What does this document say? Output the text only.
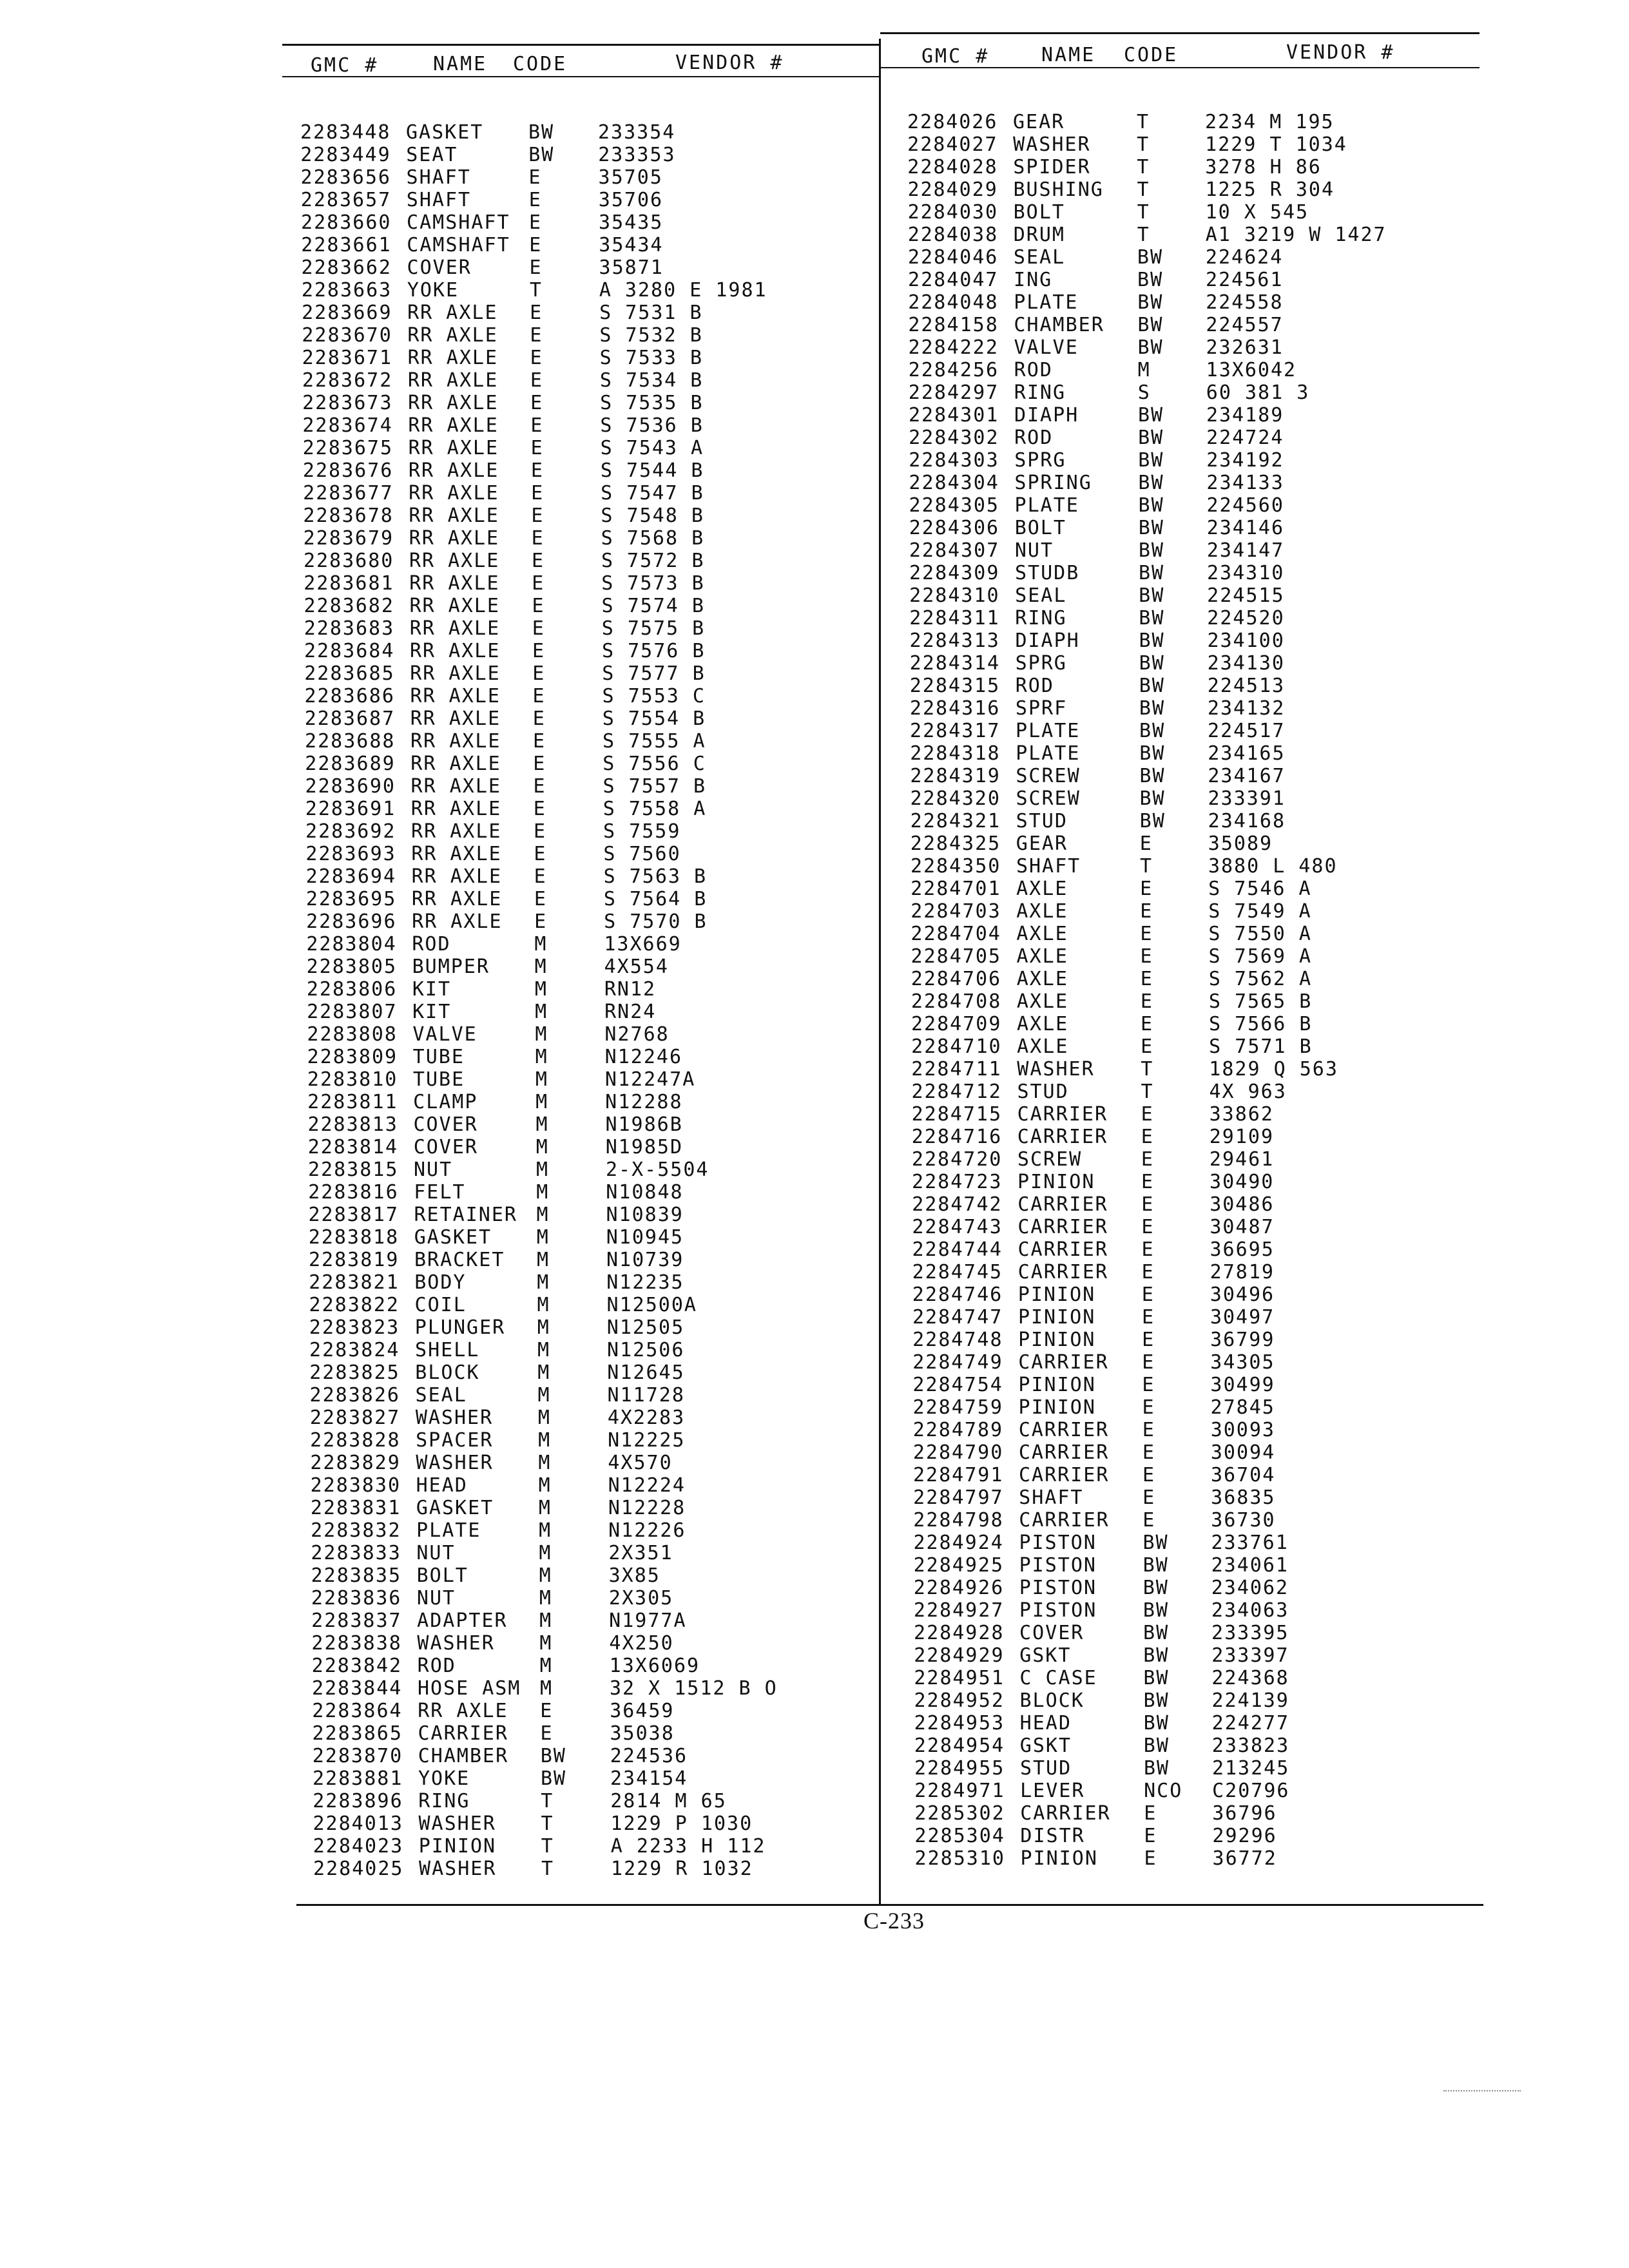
GMC #	NAME CODE	VENDOR #	GMC #	NAME CODE	VENDOR #
2283448 GASKET BW 233354
2283449 SEAT	BW 233353
2283656 SHAFT	E	35705
2283657 SHAFT	E	35706
2283660 CAMSHAFT E	35435
2283661 CAMSHAFT E	35434
2283662 COVER	E	35871
2283663 YOKE	T	A 3280 E 1981
2283669 RR AXLE E	S 7531 B
2283670 RR AXLE E	S 7532 B
2283671 RR AXLE E	S 7533 B
2283672 RR AXLE E	S 7534 B
2283673 RR AXLE E	S 7535 B
2283674 RR AXLE E	S 7536 B
2283675 RR AXLE E	S 7543 A
2283676 RR AXLE E	S 7544 B
2283677 RR AXLE E	S 7547 B
2283678 RR AXLE E	S 7548 B
2283679 RR AXLE E	S 7568 B
2283680 RR AXLE E	S 7572 B
2283681 RR AXLE E	S 7573 B
2283682 RR AXLE E	S 7574 B
2283683 RR AXLE E	S 7575 B
2283684 RR AXLE E	S 7576 B
2283685 RR AXLE E	S 7577 B
2283686 RR AXLE E	S 7553 C
2283687 RR AXLE E	S 7554 B
2283688 RR AXLE E	S 7555 A
2283689 RR AXLE E	S 7556 C
2283690 RR AXLE E	S 7557 B
2283691 RR AXLE E	S 7558 A
2283692 RR AXLE E	S 7559
2283693 RR AXLE E	S 7560
2283694 RR AXLE E	S 7563 B
2283695 RR AXLE E	S 7564 B
2283696 RR AXLE E	S 7570 B
2283804 ROD	M	13X669
2283805 BUMPER M	4X554
2283806 KIT	M	RN12
2283807 KIT	M	RN24
2283808 VALVE	M	N2768
2283809 TUBE	M	N12246
2283810 TUBE	M	N12247A
2283811 CLAMP	M	N12288
2283813 COVER	M	N1986B
2283814 COVER	M	N1985D
2283815 NUT	M	2-X-5504
2283816 FELT	M	N10848
2283817 RETAINER M	N10839
2283818 GASKET M	N10945
2283819 BRACKET M	N10739
2283821 BODY	M	N12235
2283822 COIL	M	N12500A
2283823 PLUNGER M	N12505
2283824 SHELL	M	N12506
2283825 BLOCK	M	N12645
2283826 SEAL	M	N11728
2283827 WASHER M	4X2283
2283828 SPACER M	N12225
2283829 WASHER M	4X570
2283830 HEAD	M	N12224
2283831 GASKET M	N12228
2283832 PLATE	M	N12226
2283833 NUT	M	2X351
2283835 BOLT	M	3X85
2283836 NUT	M	2X305
2283837 ADAPTER M	N1977A
2283838 WASHER M	4X250
2283842 ROD	M	13X6069
2283844 HOSE ASM M	32 X 1512 B O
2283864 RR AXLE E	36459
2283865 CARRIER E	35038
2283870 CHAMBER BW 224536
2283881 YOKE	BW 234154
2283896 RING	T	2814 M 65
2284013 WASHER T	1229 P 1030
2284023 PINION T	A 2233 H 112
2284025 WASHER T	1229 R 1032
2284026 GEAR	T	2234 M 195
2284027 WASHER T	1229 T 1034
2284028 SPIDER T	3278 H 86
2284029 BUSHING T	1225 R 304
2284030 BOLT	T	10 X 545
2284038 DRUM	T	A1 3219 W 1427
2284046 SEAL	BW 224624
2284047 ING	BW 224561
2284048 PLATE	BW 224558
2284158 CHAMBER BW 224557
2284222 VALVE	BW 232631
2284256 ROD	M	13X6042
2284297 RING	S	60 381 3
2284301 DIAPH	BW 234189
2284302 ROD	BW 224724
2284303 SPRG	BW 234192
2284304 SPRING BW 234133
2284305 PLATE	BW 224560
2284306 BOLT	BW 234146
2284307 NUT	BW 234147
2284309 STUDB	BW 234310
2284310 SEAL	BW 224515
2284311 RING	BW 224520
2284313 DIAPH	BW 234100
2284314 SPRG	BW 234130
2284315 ROD	BW 224513
2284316 SPRF	BW 234132
2284317 PLATE	BW 224517
2284318 PLATE	BW 234165
2284319 SCREW	BW 234167
2284320 SCREW	BW 233391
2284321 STUD	BW 234168
2284325 GEAR	E	35089
2284350 SHAFT	T	3880 L 480
2284701 AXLE	E	S 7546 A
2284703 AXLE	E	S 7549 A
2284704 AXLE	E	S 7550 A
2284705 AXLE	E	S 7569 A
2284706 AXLE	E	S 7562 A
2284708 AXLE	E	S 7565 B
2284709 AXLE	E	S 7566 B
2284710 AXLE	E	S 7571 B
2284711 WASHER T	1829 Q 563
2284712 STUD	T	4X 963
2284715 CARRIER E	33862
2284716 CARRIER E	29109
2284720 SCREW	E	29461
2284723 PINION E	30490
2284742 CARRIER E	30486
2284743 CARRIER E	30487
2284744 CARRIER E	36695
2284745 CARRIER E	27819
2284746 PINION E	30496
2284747 PINION E	30497
2284748 PINION E	36799
2284749 CARRIER E	34305
2284754 PINION E	30499
2284759 PINION E	27845
2284789 CARRIER E	30093
2284790 CARRIER E	30094
2284791 CARRIER E	36704
2284797 SHAFT	E	36835
2284798 CARRIER E	36730
2284924 PISTON BW 233761
2284925 PISTON BW 234061
2284926 PISTON BW 234062
2284927 PISTON BW 234063
2284928 COVER	BW 233395
2284929 GSKT	BW 233397
2284951 C CASE BW 224368
2284952 BLOCK	BW 224139
2284953 HEAD	BW 224277
2284954 GSKT	BW 233823
2284955 STUD	BW 213245
2284971 LEVER	NCO C20796
2285302 CARRIER E	36796
2285304 DISTR	E	29296
2285310 PINION E	36772
C-233
